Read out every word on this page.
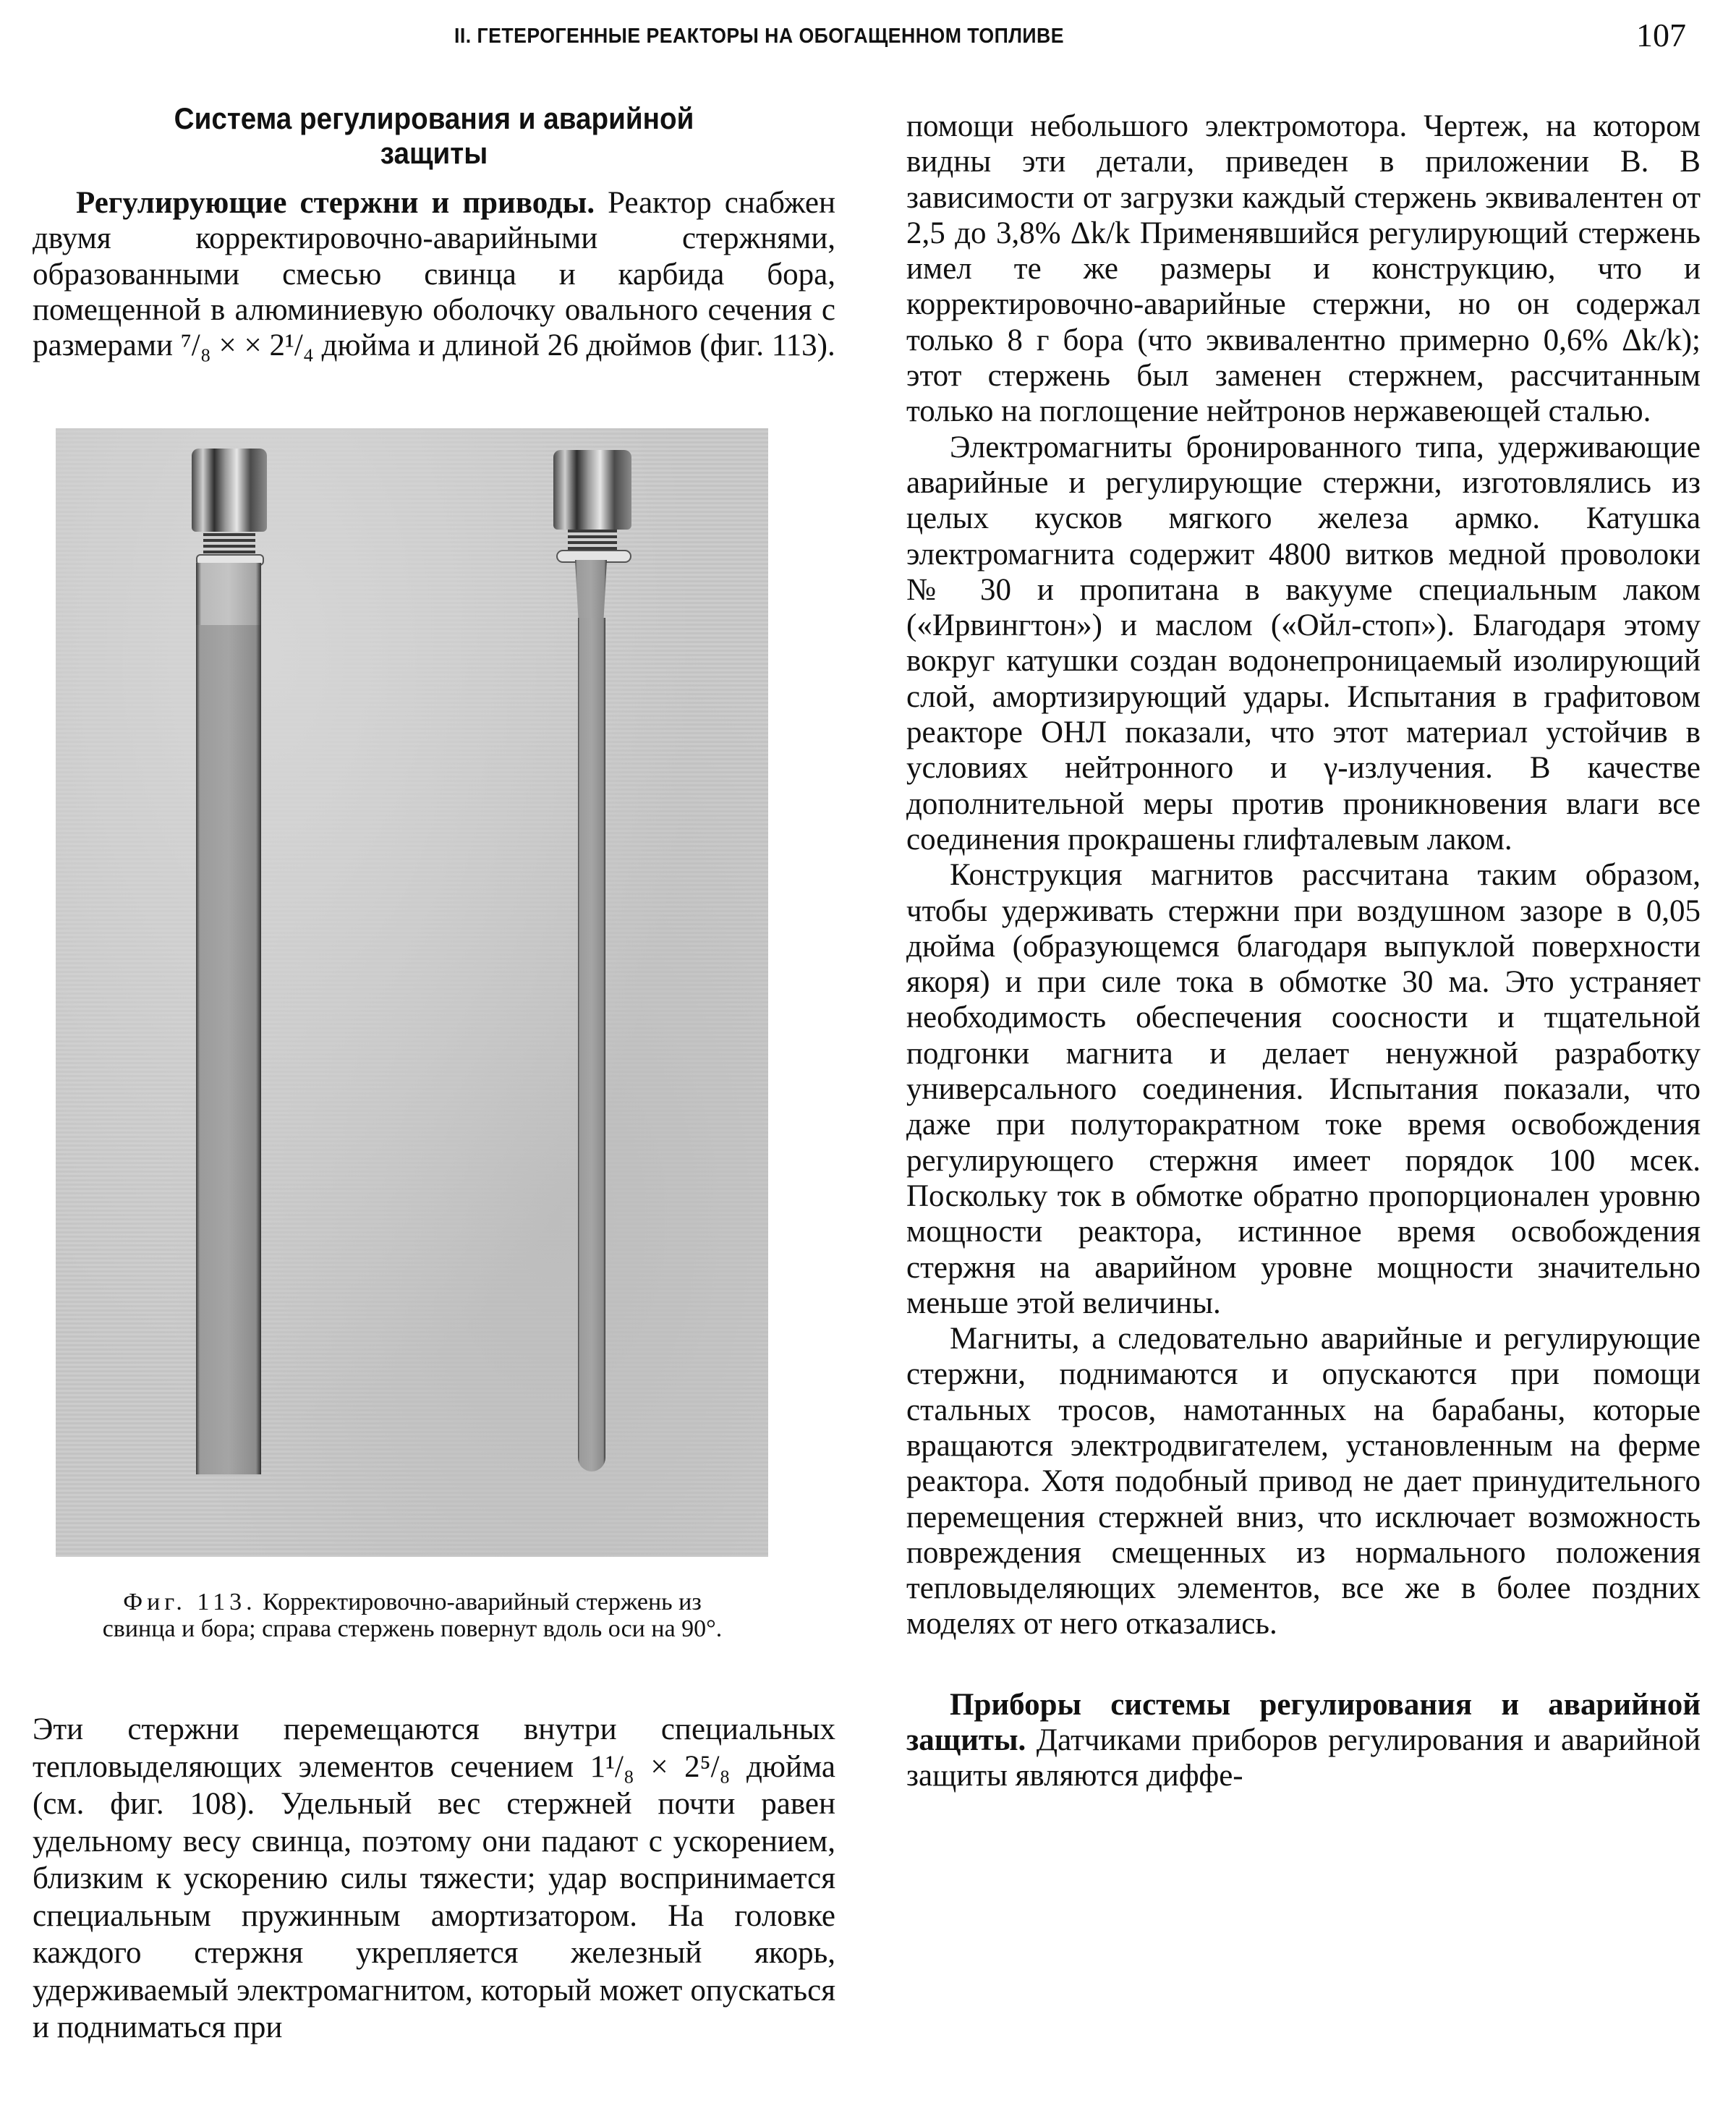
II. ГЕТЕРОГЕННЫЕ РЕАКТОРЫ НА ОБОГАЩЕННОМ ТОПЛИВЕ	107
Система регулирования и аварийной
защиты

Регулирующие стержни и приводы. Реактор снабжен двумя корректировочно-аварийными стержнями, образованными смесью свинца и карбида бора, помещенной в алюминиевую оболочку овального сечения с размерами ⁷/₈ × × 2¹/₄ дюйма и длиной 26 дюймов (фиг. 113).

Фиг. 113. Корректировочно-аварийный стержень из свинца и бора; справа стержень повернут вдоль оси на 90°.

Эти стержни перемещаются внутри специальных тепловыделяющих элементов сечением 1¹/₈ × 2⁵/₈ дюйма (см. фиг. 108). Удельный вес стержней почти равен удельному весу свинца, поэтому они падают с ускорением, близким к ускорению силы тяжести; удар воспринимается специальным пружинным амортизатором. На головке каждого стержня укрепляется железный якорь, удерживаемый электромагнитом, который может опускаться и подниматься при

помощи небольшого электромотора. Чертеж, на котором видны эти детали, приведен в приложении В. В зависимости от загрузки каждый стержень эквивалентен от 2,5 до 3,8% Δk/k Применявшийся регулирующий стержень имел те же размеры и конструкцию, что и корректировочно-аварийные стержни, но он содержал только 8 г бора (что эквивалентно примерно 0,6% Δk/k); этот стержень был заменен стержнем, рассчитанным только на поглощение нейтронов нержавеющей сталью.

Электромагниты бронированного типа, удерживающие аварийные и регулирующие стержни, изготовлялись из целых кусков мягкого железа армко. Катушка электромагнита содержит 4800 витков медной проволоки № 30 и пропитана в вакууме специальным лаком («Ирвингтон») и маслом («Ойл-стоп»). Благодаря этому вокруг катушки создан водонепроницаемый изолирующий слой, амортизирующий удары. Испытания в графитовом реакторе ОНЛ показали, что этот материал устойчив в условиях нейтронного и γ-излучения. В качестве дополнительной меры против проникновения влаги все соединения прокрашены глифталевым лаком.

Конструкция магнитов рассчитана таким образом, чтобы удерживать стержни при воздушном зазоре в 0,05 дюйма (образующемся благодаря выпуклой поверхности якоря) и при силе тока в обмотке 30 ма. Это устраняет необходимость обеспечения соосности и тщательной подгонки магнита и делает ненужной разработку универсального соединения. Испытания показали, что даже при полуторакратном токе время освобождения регулирующего стержня имеет порядок 100 мсек. Поскольку ток в обмотке обратно пропорционален уровню мощности реактора, истинное время освобождения стержня на аварийном уровне мощности значительно меньше этой величины.

Магниты, а следовательно аварийные и регулирующие стержни, поднимаются и опускаются при помощи стальных тросов, намотанных на барабаны, которые вращаются электродвигателем, установленным на ферме реактора. Хотя подобный привод не дает принудительного перемещения стержней вниз, что исключает возможность повреждения смещенных из нормального положения тепловыделяющих элементов, все же в более поздних моделях от него отказались.

Приборы системы регулирования и аварийной защиты. Датчиками приборов регулирования и аварийной защиты являются диффе-
